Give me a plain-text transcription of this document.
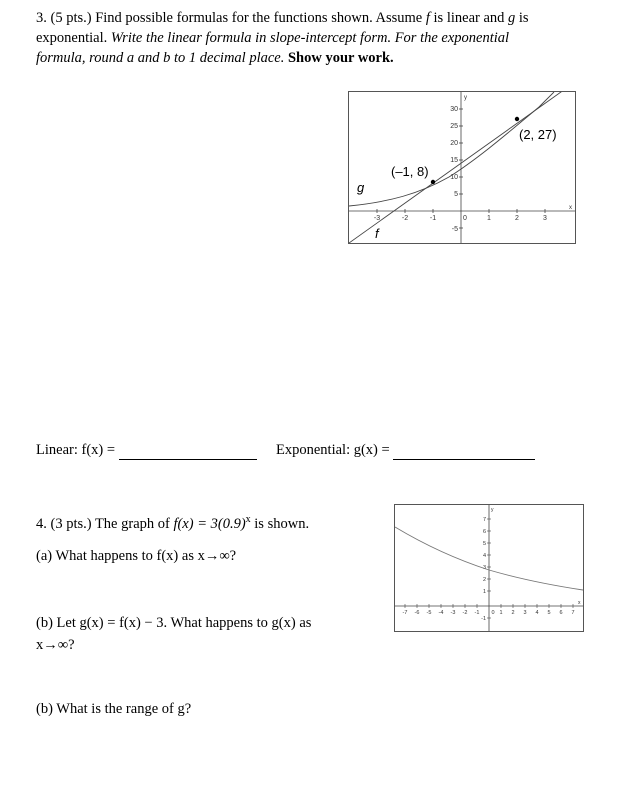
3. (5 pts.) Find possible formulas for the functions shown. Assume f is linear and g is
exponential. Write the linear formula in slope-intercept form. For the exponential
formula, round a and b to 1 decimal place. Show your work.
30
25
20
15
10
5
-5
-3	-2	-1	0	1	2	3
y
x
(–1, 8)
(2, 27)
f
g
Linear: f(x) =	Exponential: g(x) =
4. (3 pts.) The graph of $f(x) = 3(0.9)^x$ is shown.
(a) What happens to f(x) as x→∞?
(b) Let g(x) = f(x) − 3. What happens to g(x) as
x→∞?
(b) What is the range of g?
-7 -6 -5 -4 -3 -2 -1 0 1 2 3 4 5 6 7
7
6
5
4
3
2
1
-1
y
x
